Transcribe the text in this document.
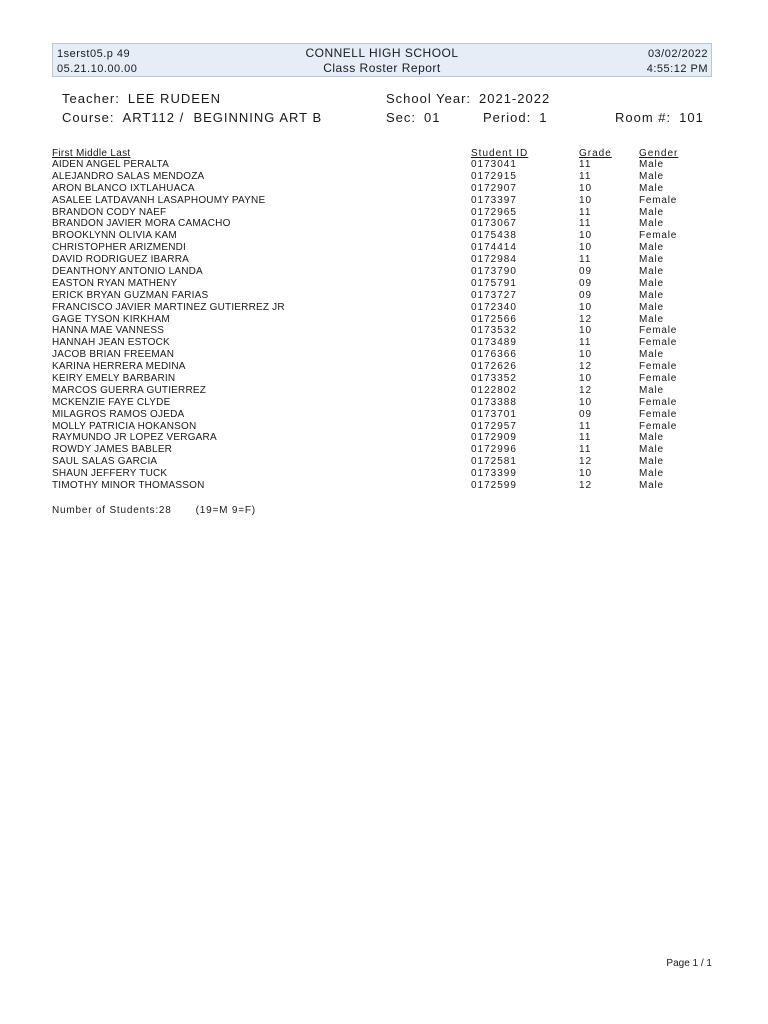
1serst05.p 49
05.21.10.00.00
CONNELL HIGH SCHOOL
Class Roster Report
03/02/2022
4:55:12 PM
Teacher: LEE RUDEEN	School Year: 2021-2022
Course: ART112 /  BEGINNING ART B	Sec: 01	Period: 1	Room #: 101
First Middle Last	Student ID	Grade	Gender
AIDEN ANGEL PERALTA	0173041	11	Male
ALEJANDRO SALAS MENDOZA	0172915	11	Male
ARON BLANCO IXTLAHUACA	0172907	10	Male
ASALEE LATDAVANH LASAPHOUMY PAYNE	0173397	10	Female
BRANDON CODY NAEF	0172965	11	Male
BRANDON JAVIER MORA CAMACHO	0173067	11	Male
BROOKLYNN OLIVIA KAM	0175438	10	Female
CHRISTOPHER ARIZMENDI	0174414	10	Male
DAVID RODRIGUEZ IBARRA	0172984	11	Male
DEANTHONY ANTONIO LANDA	0173790	09	Male
EASTON RYAN MATHENY	0175791	09	Male
ERICK BRYAN GUZMAN FARIAS	0173727	09	Male
FRANCISCO JAVIER MARTINEZ GUTIERREZ JR	0172340	10	Male
GAGE TYSON KIRKHAM	0172566	12	Male
HANNA MAE VANNESS	0173532	10	Female
HANNAH JEAN ESTOCK	0173489	11	Female
JACOB BRIAN FREEMAN	0176366	10	Male
KARINA HERRERA MEDINA	0172626	12	Female
KEIRY EMELY BARBARIN	0173352	10	Female
MARCOS GUERRA GUTIERREZ	0122802	12	Male
MCKENZIE FAYE CLYDE	0173388	10	Female
MILAGROS RAMOS OJEDA	0173701	09	Female
MOLLY PATRICIA HOKANSON	0172957	11	Female
RAYMUNDO JR LOPEZ VERGARA	0172909	11	Male
ROWDY JAMES BABLER	0172996	11	Male
SAUL SALAS GARCIA	0172581	12	Male
SHAUN JEFFERY TUCK	0173399	10	Male
TIMOTHY MINOR THOMASSON	0172599	12	Male
Number of Students:28 (19=M 9=F)
Page 1 / 1
